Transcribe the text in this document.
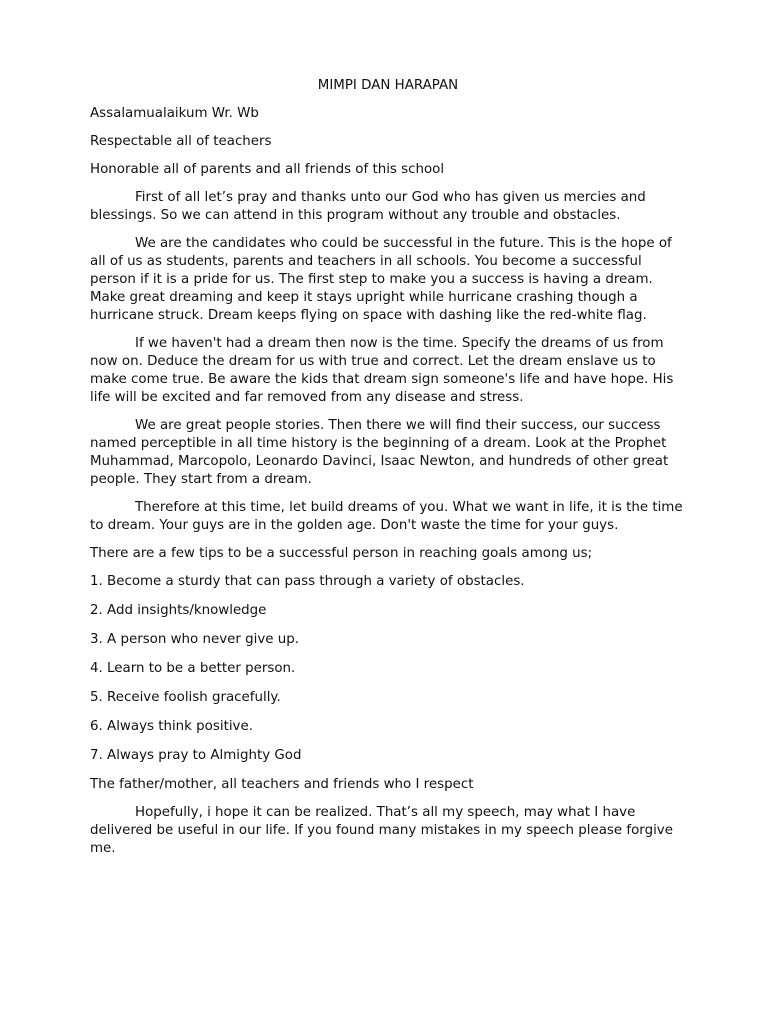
MIMPI DAN HARAPAN
Assalamualaikum Wr. Wb
Respectable all of teachers
Honorable all of parents and all friends of this school

First of all let’s pray and thanks unto our God who has given us mercies and blessings. So we can attend in this program without any trouble and obstacles.

We are the candidates who could be successful in the future. This is the hope of all of us as students, parents and teachers in all schools. You become a successful person if it is a pride for us. The first step to make you a success is having a dream. Make great dreaming and keep it stays upright while hurricane crashing though a hurricane struck. Dream keeps flying on space with dashing like the red-white flag.

If we haven't had a dream then now is the time. Specify the dreams of us from now on. Deduce the dream for us with true and correct. Let the dream enslave us to make come true. Be aware the kids that dream sign someone's life and have hope. His life will be excited and far removed from any disease and stress.

We are great people stories. Then there we will find their success, our success named perceptible in all time history is the beginning of a dream. Look at the Prophet Muhammad, Marcopolo, Leonardo Davinci, Isaac Newton, and hundreds of other great people. They start from a dream.

Therefore at this time, let build dreams of you. What we want in life, it is the time to dream. Your guys are in the golden age. Don't waste the time for your guys.

There are a few tips to be a successful person in reaching goals among us;
1. Become a sturdy that can pass through a variety of obstacles.
2. Add insights/knowledge
3. A person who never give up.
4. Learn to be a better person.
5. Receive foolish gracefully.
6. Always think positive.
7. Always pray to Almighty God
The father/mother, all teachers and friends who I respect

Hopefully, i hope it can be realized. That’s all my speech, may what I have delivered be useful in our life. If you found many mistakes in my speech please forgive me.
